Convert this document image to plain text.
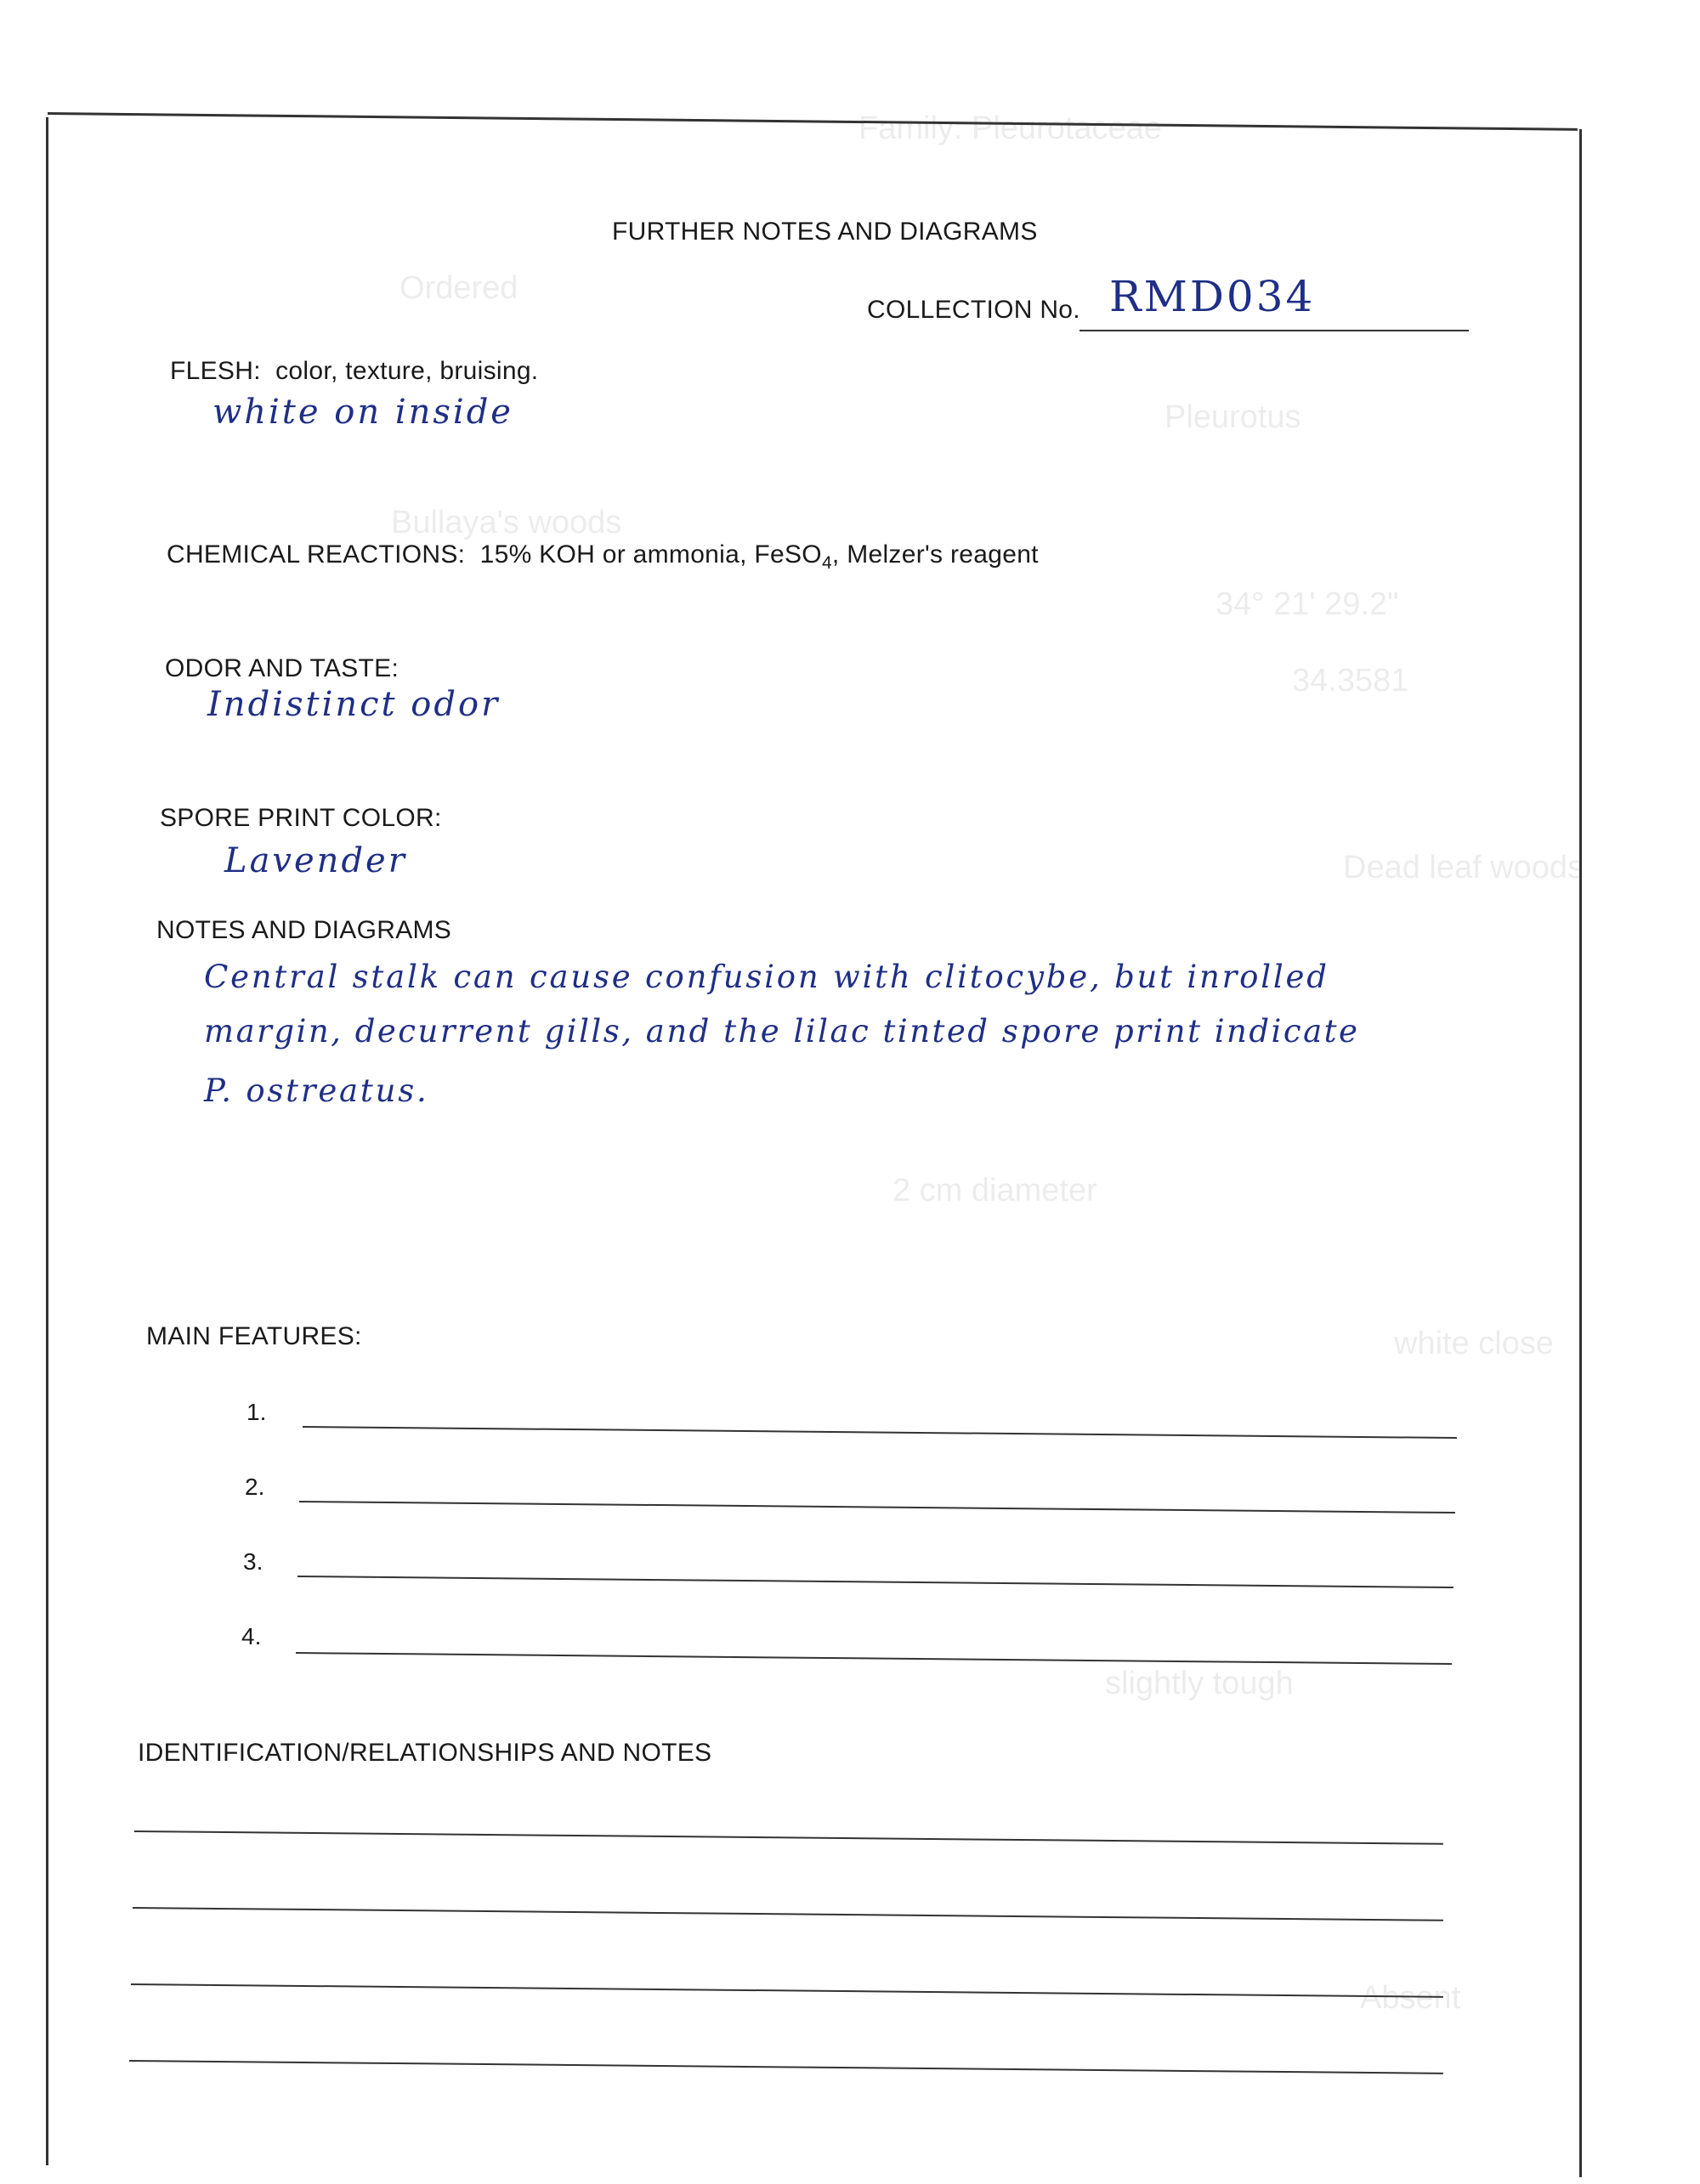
Family: Pleurotaceae
Ordered
Pleurotus
Bullaya's woods
34° 21' 29.2"
34.3581
Dead leaf woods
2 cm diameter
white close
slightly tough
Absent
FURTHER NOTES AND DIAGRAMS
COLLECTION No. RMD034
FLESH: color, texture, bruising.
white on inside
CHEMICAL REACTIONS: 15% KOH or ammonia, FeSO$_4$, Melzer's reagent
ODOR AND TASTE:
Indistinct odor
SPORE PRINT COLOR:
Lavender
NOTES AND DIAGRAMS
Central stalk can cause confusion with clitocybe, but inrolled
margin, decurrent gills, and the lilac tinted spore print indicate
P. ostreatus.
MAIN FEATURES:
1.
2.
3.
4.
IDENTIFICATION/RELATIONSHIPS AND NOTES
